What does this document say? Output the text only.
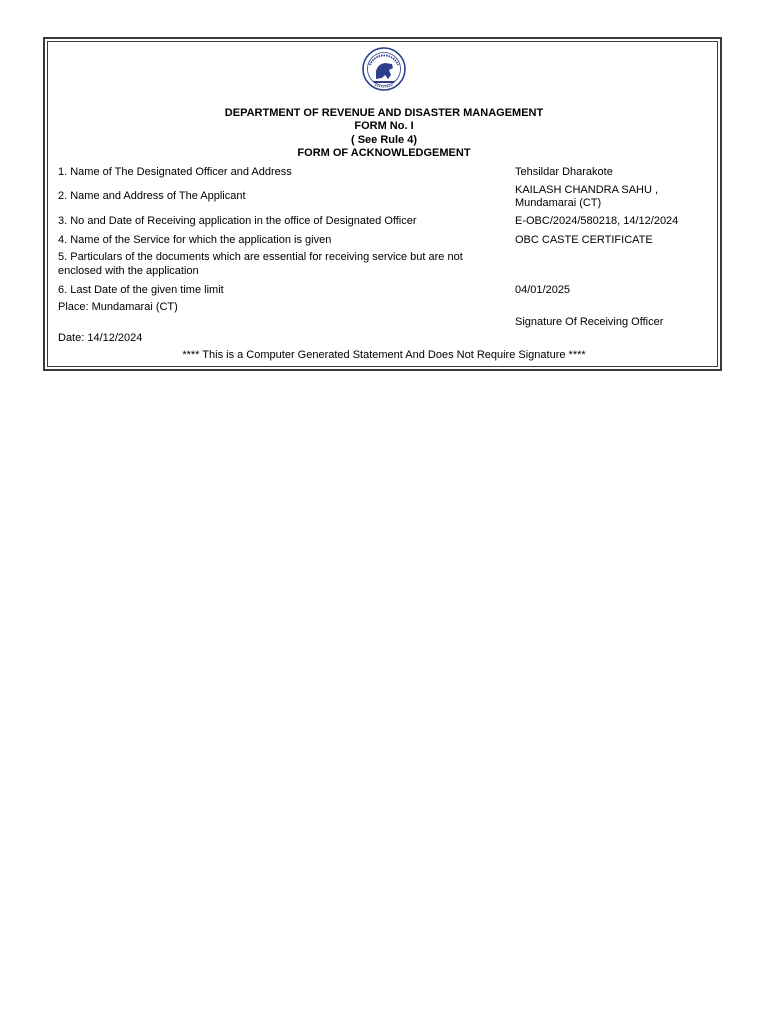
DEPARTMENT OF REVENUE AND DISASTER MANAGEMENT
FORM No. I
( See Rule 4)
FORM OF ACKNOWLEDGEMENT
1. Name of The Designated Officer and Address	Tehsildar Dharakote
2. Name and Address of The Applicant	KAILASH CHANDRA SAHU ,
Mundamarai (CT)
3. No and Date of Receiving application in the office of Designated Officer	E-OBC/2024/580218, 14/12/2024
4. Name of the Service for which the application is given	OBC CASTE CERTIFICATE
5. Particulars of the documents which are essential for receiving service but are not
enclosed with the application
6. Last Date of the given time limit	04/01/2025
Place: Mundamarai (CT)
Signature Of Receiving Officer
Date: 14/12/2024
**** This is a Computer Generated Statement And Does Not Require Signature ****
